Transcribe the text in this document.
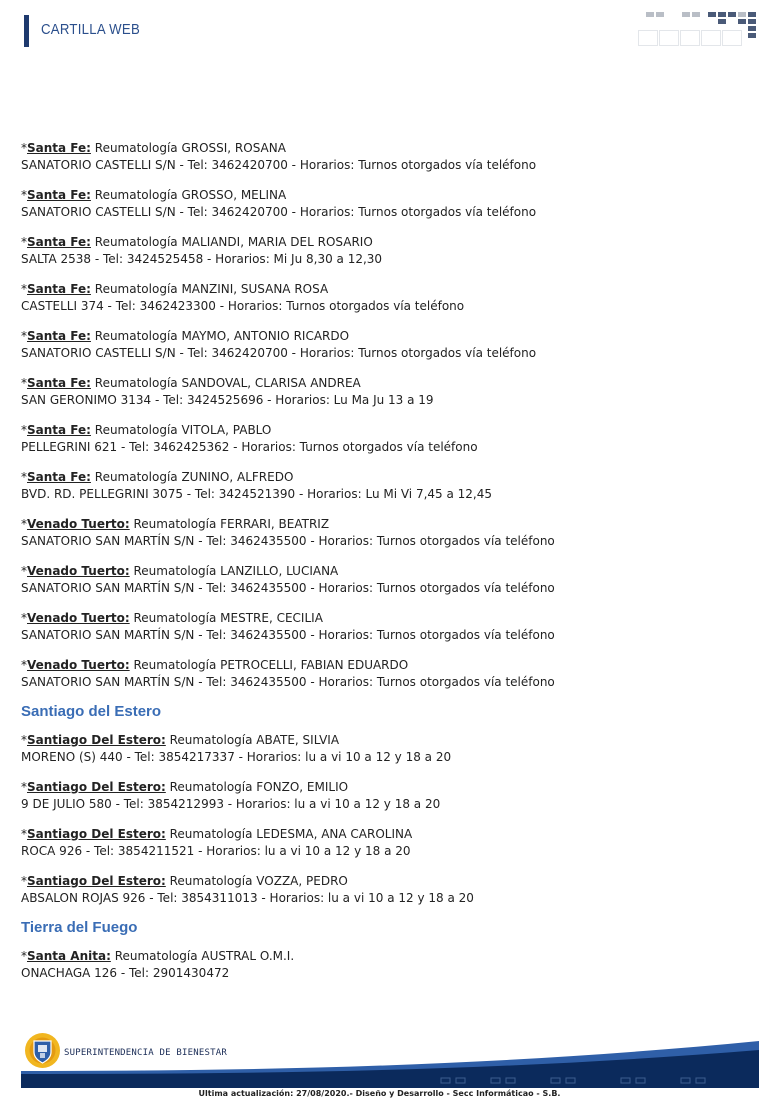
CARTILLA WEB
*Santa Fe: Reumatología GROSSI, ROSANA
SANATORIO CASTELLI S/N - Tel: 3462420700 - Horarios: Turnos otorgados vía teléfono
*Santa Fe: Reumatología GROSSO, MELINA
SANATORIO CASTELLI S/N - Tel: 3462420700 - Horarios: Turnos otorgados vía teléfono
*Santa Fe: Reumatología MALIANDI, MARIA DEL ROSARIO
SALTA 2538 - Tel: 3424525458 - Horarios: Mi Ju 8,30 a 12,30
*Santa Fe: Reumatología MANZINI, SUSANA ROSA
CASTELLI 374 - Tel: 3462423300 - Horarios: Turnos otorgados vía teléfono
*Santa Fe: Reumatología MAYMO, ANTONIO RICARDO
SANATORIO CASTELLI S/N - Tel: 3462420700 - Horarios: Turnos otorgados vía teléfono
*Santa Fe: Reumatología SANDOVAL, CLARISA ANDREA
SAN GERONIMO 3134 - Tel: 3424525696 - Horarios: Lu Ma Ju 13 a 19
*Santa Fe: Reumatología VITOLA, PABLO
PELLEGRINI 621 - Tel: 3462425362 - Horarios: Turnos otorgados vía teléfono
*Santa Fe: Reumatología ZUNINO, ALFREDO
BVD. RD. PELLEGRINI 3075 - Tel: 3424521390 - Horarios: Lu Mi Vi 7,45 a 12,45
*Venado Tuerto: Reumatología FERRARI, BEATRIZ
SANATORIO SAN MARTÍN S/N - Tel: 3462435500 - Horarios: Turnos otorgados vía teléfono
*Venado Tuerto: Reumatología LANZILLO, LUCIANA
SANATORIO SAN MARTÍN S/N - Tel: 3462435500 - Horarios: Turnos otorgados vía teléfono
*Venado Tuerto: Reumatología MESTRE, CECILIA
SANATORIO SAN MARTÍN S/N - Tel: 3462435500 - Horarios: Turnos otorgados vía teléfono
*Venado Tuerto: Reumatología PETROCELLI, FABIAN EDUARDO
SANATORIO SAN MARTÍN S/N - Tel: 3462435500 - Horarios: Turnos otorgados vía teléfono
Santiago del Estero
*Santiago Del Estero: Reumatología ABATE, SILVIA
MORENO (S) 440 - Tel: 3854217337 - Horarios: lu a vi 10 a 12 y 18 a 20
*Santiago Del Estero: Reumatología FONZO, EMILIO
9 DE JULIO 580 - Tel: 3854212993 - Horarios: lu a vi 10 a 12 y 18 a 20
*Santiago Del Estero: Reumatología LEDESMA, ANA CAROLINA
ROCA 926 - Tel: 3854211521 - Horarios: lu a vi 10 a 12 y 18 a 20
*Santiago Del Estero: Reumatología VOZZA, PEDRO
ABSALON ROJAS 926 - Tel: 3854311013 - Horarios: lu a vi 10 a 12 y 18 a 20
Tierra del Fuego
*Santa Anita: Reumatología AUSTRAL O.M.I.
ONACHAGA 126 - Tel: 2901430472
SUPERINTENDENCIA DE BIENESTAR
Ultima actualización: 27/08/2020.- Diseño y Desarrollo - Secc Informáticao - S.B.
